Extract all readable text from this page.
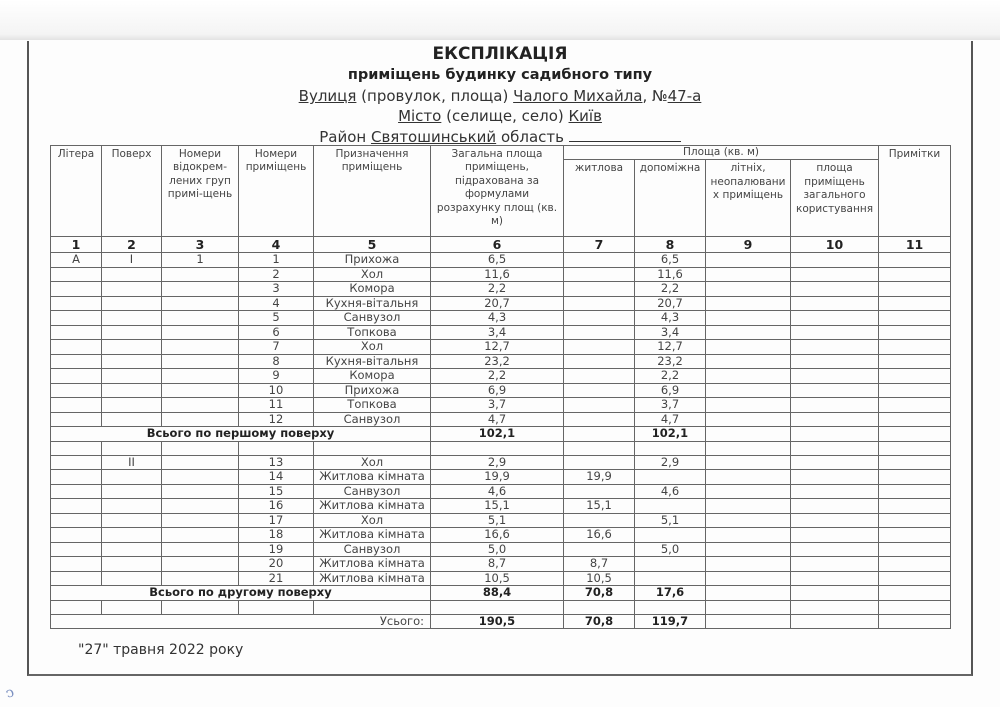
ЕКСПЛІКАЦІЯ
приміщень будинку садибного типу
Вулиця (провулок, площа) Чалого Михайла, №47-а
Місто (селище, село) Київ
Район Святошинський область
Літера	Поверх	Номери відокрем-лених груп примі-щень	Номери приміщень	Призначення приміщень	Загальна площа приміщень, підрахована за формулами розрахунку площ (кв. м)	Площа (кв. м)				Примітки
						житлова	допоміжна	літніх, неопалювани х приміщень	площа приміщень загального користування	
1	2	3	4	5	6	7	8	9	10	11
А	I	1	1	Прихожа	6,5		6,5			
			2	Хол	11,6		11,6			
			3	Комора	2,2		2,2			
			4	Кухня-вітальня	20,7		20,7			
			5	Санвузол	4,3		4,3			
			6	Топкова	3,4		3,4			
			7	Хол	12,7		12,7			
			8	Кухня-вітальня	23,2		23,2			
			9	Комора	2,2		2,2			
			10	Прихожа	6,9		6,9			
			11	Топкова	3,7		3,7			
			12	Санвузол	4,7		4,7			
Всього по першому поверху					102,1		102,1			

	II		13	Хол	2,9		2,9			
			14	Житлова кімната	19,9	19,9				
			15	Санвузол	4,6		4,6			
			16	Житлова кімната	15,1	15,1				
			17	Хол	5,1		5,1			
			18	Житлова кімната	16,6	16,6				
			19	Санвузол	5,0		5,0			
			20	Житлова кімната	8,7	8,7				
			21	Житлова кімната	10,5	10,5				
Всього по другому поверху					88,4	70,8	17,6			

Усього:					190,5	70,8	119,7			
"27" травня 2022 року
ↄ
